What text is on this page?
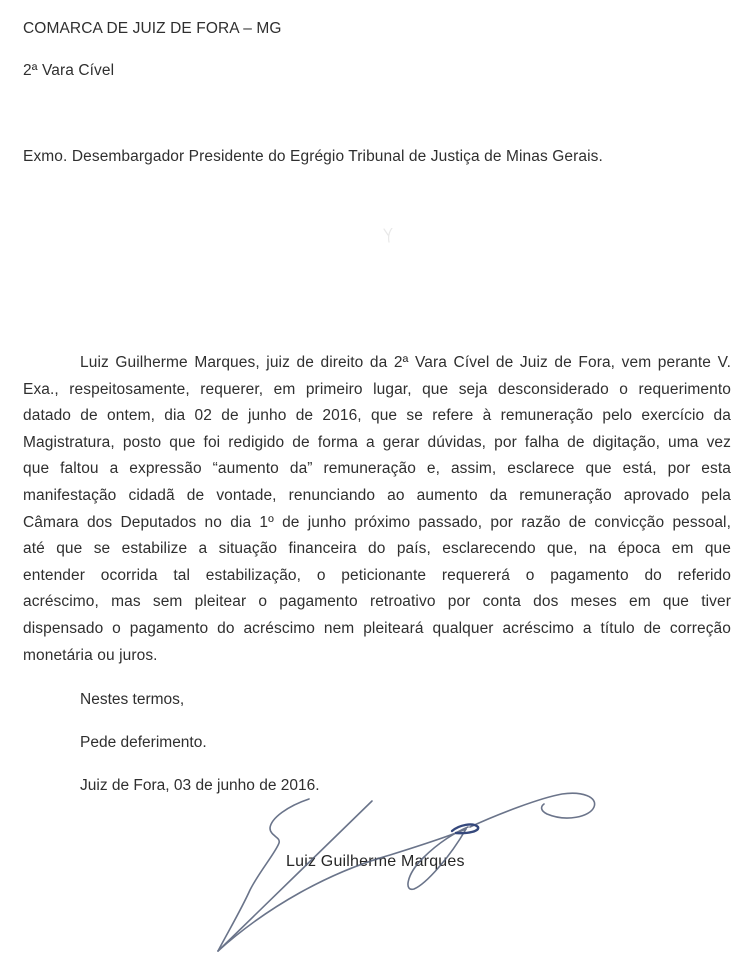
COMARCA DE JUIZ DE FORA – MG
2ª Vara Cível
Exmo. Desembargador Presidente do Egrégio Tribunal de Justiça de Minas Gerais.
Luiz Guilherme Marques, juiz de direito da 2ª Vara Cível de Juiz de Fora, vem perante V.
Exa., respeitosamente, requerer, em primeiro lugar, que seja desconsiderado o requerimento
datado de ontem, dia 02 de junho de 2016, que se refere à remuneração pelo exercício da
Magistratura, posto que foi redigido de forma a gerar dúvidas, por falha de digitação, uma vez
que faltou a expressão “aumento da” remuneração e, assim, esclarece que está, por esta
manifestação cidadã de vontade, renunciando ao aumento da remuneração aprovado pela
Câmara dos Deputados no dia 1º de junho próximo passado, por razão de convicção pessoal,
até que se estabilize a situação financeira do país, esclarecendo que, na época em que
entender ocorrida tal estabilização, o peticionante requererá o pagamento do referido
acréscimo, mas sem pleitear o pagamento retroativo por conta dos meses em que tiver
dispensado o pagamento do acréscimo nem pleiteará qualquer acréscimo a título de correção
monetária ou juros.
Nestes termos,
Pede deferimento.
Juiz de Fora, 03 de junho de 2016.
Luiz Guilherme Marques
